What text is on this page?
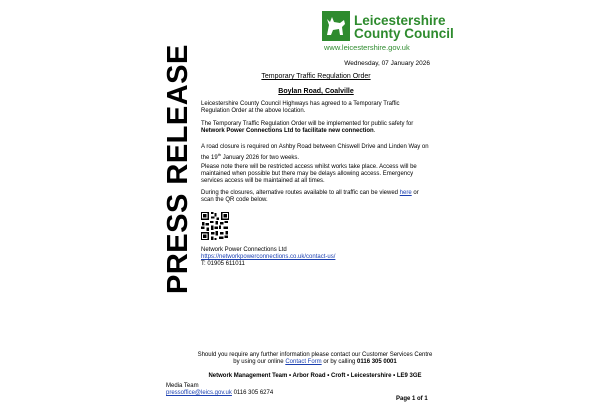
Leicestershire
County Council
www.leicestershire.gov.uk
Wednesday, 07 January 2026
PRESS RELEASE	Temporary Traffic Regulation Order
Boylan Road, Coalville
Leicestershire County Council Highways has agreed to a Temporary Traffic Regulation Order at the above location.
The Temporary Traffic Regulation Order will be implemented for public safety for Network Power Connections Ltd to facilitate new connection.
A road closure is required on Ashby Road between Chiswell Drive and Linden Way on the 19th January 2026 for two weeks.
Please note there will be restricted access whilst works take place. Access will be maintained when possible but there may be delays allowing access. Emergency services access will be maintained at all times.
During the closures, alternative routes available to all traffic can be viewed here or scan the QR code below.
Network Power Connections Ltd
https://networkpowerconnections.co.uk/contact-us/
T: 01905 611011
Should you require any further information please contact our Customer Services Centre
by using our online Contact Form or by calling 0116 305 0001
Network Management Team • Arbor Road • Croft • Leicestershire • LE9 3GE
Media Team
pressoffice@leics.gov.uk 0116 305 6274
Page 1 of 1
